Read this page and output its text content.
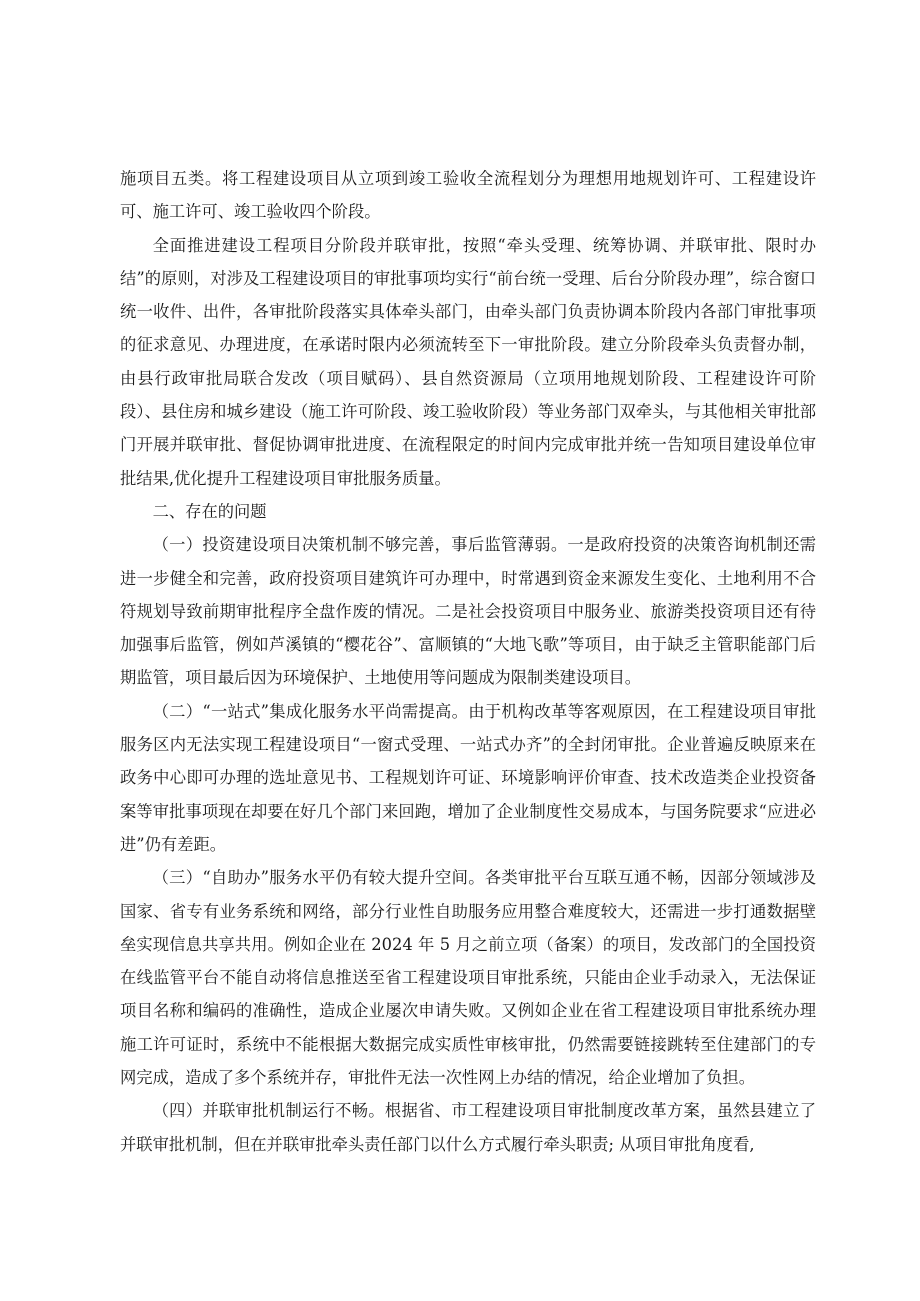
施项目五类。将工程建设项目从立项到竣工验收全流程划分为理想用地规划许可、工程建设许可、施工许可、竣工验收四个阶段。

全面推进建设工程项目分阶段并联审批，按照“牵头受理、统筹协调、并联审批、限时办结”的原则，对涉及工程建设项目的审批事项均实行“前台统一受理、后台分阶段办理”，综合窗口统一收件、出件，各审批阶段落实具体牵头部门，由牵头部门负责协调本阶段内各部门审批事项的征求意见、办理进度，在承诺时限内必须流转至下一审批阶段。建立分阶段牵头负责督办制，由县行政审批局联合发改（项目赋码）、县自然资源局（立项用地规划阶段、工程建设许可阶段）、县住房和城乡建设（施工许可阶段、竣工验收阶段）等业务部门双牵头，与其他相关审批部门开展并联审批、督促协调审批进度、在流程限定的时间内完成审批并统一告知项目建设单位审批结果,优化提升工程建设项目审批服务质量。

二、存在的问题

（一）投资建设项目决策机制不够完善，事后监管薄弱。一是政府投资的决策咨询机制还需进一步健全和完善，政府投资项目建筑许可办理中，时常遇到资金来源发生变化、土地利用不合符规划导致前期审批程序全盘作废的情况。二是社会投资项目中服务业、旅游类投资项目还有待加强事后监管，例如芦溪镇的“樱花谷”、富顺镇的“大地飞歌”等项目，由于缺乏主管职能部门后期监管，项目最后因为环境保护、土地使用等问题成为限制类建设项目。

（二）“一站式”集成化服务水平尚需提高。由于机构改革等客观原因，在工程建设项目审批服务区内无法实现工程建设项目“一窗式受理、一站式办齐”的全封闭审批。企业普遍反映原来在政务中心即可办理的选址意见书、工程规划许可证、环境影响评价审查、技术改造类企业投资备案等审批事项现在却要在好几个部门来回跑，增加了企业制度性交易成本，与国务院要求“应进必进”仍有差距。

（三）“自助办”服务水平仍有较大提升空间。各类审批平台互联互通不畅，因部分领域涉及国家、省专有业务系统和网络，部分行业性自助服务应用整合难度较大，还需进一步打通数据壁垒实现信息共享共用。例如企业在 2024 年 5 月之前立项（备案）的项目，发改部门的全国投资在线监管平台不能自动将信息推送至省工程建设项目审批系统，只能由企业手动录入，无法保证项目名称和编码的准确性，造成企业屡次申请失败。又例如企业在省工程建设项目审批系统办理施工许可证时，系统中不能根据大数据完成实质性审核审批，仍然需要链接跳转至住建部门的专网完成，造成了多个系统并存，审批件无法一次性网上办结的情况，给企业增加了负担。

（四）并联审批机制运行不畅。根据省、市工程建设项目审批制度改革方案，虽然县建立了并联审批机制，但在并联审批牵头责任部门以什么方式履行牵头职责; 从项目审批角度看,
